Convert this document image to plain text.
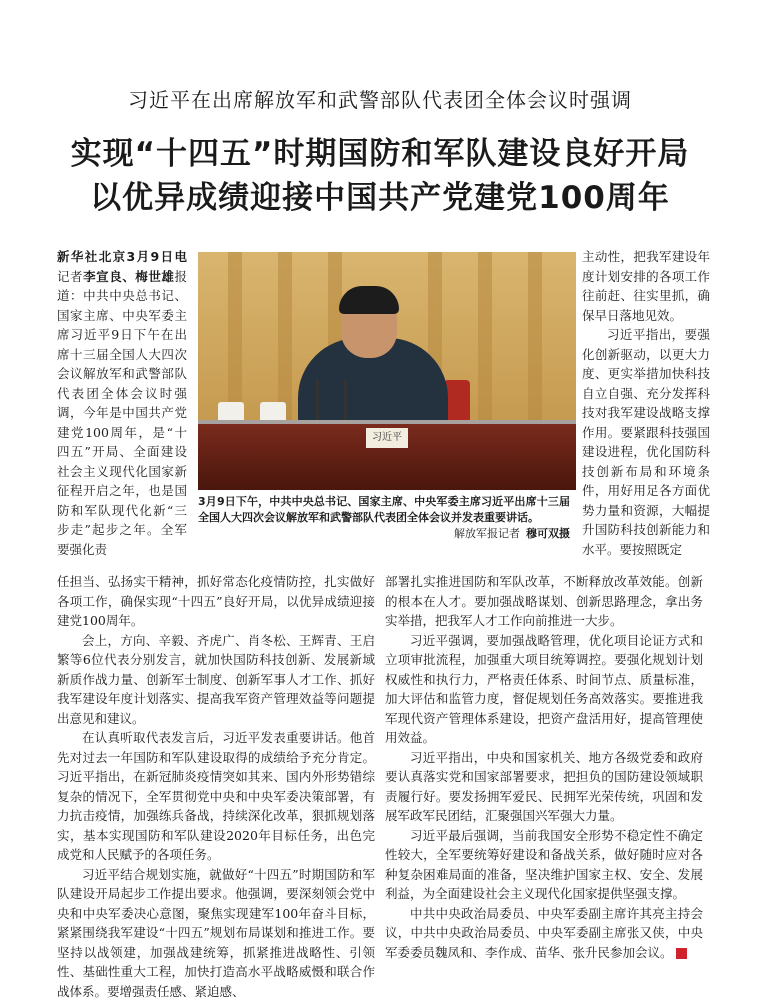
习近平在出席解放军和武警部队代表团全体会议时强调
实现“十四五”时期国防和军队建设良好开局
以优异成绩迎接中国共产党建党100周年

新华社北京3月9日电　记者李宣良、梅世雄报道：中共中央总书记、国家主席、中央军委主席习近平9日下午在出席十三届全国人大四次会议解放军和武警部队代表团全体会议时强调，今年是中国共产党建党100周年，是“十四五”开局、全面建设社会主义现代化国家新征程开启之年，也是国防和军队现代化新“三步走”起步之年。全军要强化责

习近平
3月9日下午，中共中央总书记、国家主席、中央军委主席习近平出席十三届全国人大四次会议解放军和武警部队代表团全体会议并发表重要讲话。
解放军报记者 穆可双摄

主动性，把我军建设年度计划安排的各项工作往前赶、往实里抓，确保早日落地见效。

习近平指出，要强化创新驱动，以更大力度、更实举措加快科技自立自强、充分发挥科技对我军建设战略支撑作用。要紧跟科技强国建设进程，优化国防科技创新布局和环境条件，用好用足各方面优势力量和资源，大幅提升国防科技创新能力和水平。要按照既定

任担当、弘扬实干精神，抓好常态化疫情防控，扎实做好各项工作，确保实现“十四五”良好开局，以优异成绩迎接建党100周年。

会上，方向、辛毅、齐虎广、肖冬松、王辉青、王启繁等6位代表分别发言，就加快国防科技创新、发展新域新质作战力量、创新军士制度、创新军事人才工作、抓好我军建设年度计划落实、提高我军资产管理效益等问题提出意见和建议。

在认真听取代表发言后，习近平发表重要讲话。他首先对过去一年国防和军队建设取得的成绩给予充分肯定。习近平指出，在新冠肺炎疫情突如其来、国内外形势错综复杂的情况下，全军贯彻党中央和中央军委决策部署，有力抗击疫情，加强练兵备战，持续深化改革，狠抓规划落实，基本实现国防和军队建设2020年目标任务，出色完成党和人民赋予的各项任务。

习近平结合规划实施，就做好“十四五”时期国防和军队建设开局起步工作提出要求。他强调，要深刻领会党中央和中央军委决心意图，聚焦实现建军100年奋斗目标，紧紧围绕我军建设“十四五”规划布局谋划和推进工作。要坚持以战领建，加强战建统筹，抓紧推进战略性、引领性、基础性重大工程，加快打造高水平战略威慑和联合作战体系。要增强责任感、紧迫感、

部署扎实推进国防和军队改革，不断释放改革效能。创新的根本在人才。要加强战略谋划、创新思路理念，拿出务实举措，把我军人才工作向前推进一大步。

习近平强调，要加强战略管理，优化项目论证方式和立项审批流程，加强重大项目统筹调控。要强化规划计划权威性和执行力，严格责任体系、时间节点、质量标准，加大评估和监管力度，督促规划任务高效落实。要推进我军现代资产管理体系建设，把资产盘活用好，提高管理使用效益。

习近平指出，中央和国家机关、地方各级党委和政府要认真落实党和国家部署要求，把担负的国防建设领域职责履行好。要发扬拥军爱民、民拥军光荣传统，巩固和发展军政军民团结，汇聚强国兴军强大力量。

习近平最后强调，当前我国安全形势不稳定性不确定性较大，全军要统筹好建设和备战关系，做好随时应对各种复杂困难局面的准备，坚决维护国家主权、安全、发展利益，为全面建设社会主义现代化国家提供坚强支撑。

中共中央政治局委员、中央军委副主席许其亮主持会议，中共中央政治局委员、中央军委副主席张又侠，中央军委委员魏凤和、李作成、苗华、张升民参加会议。	G
